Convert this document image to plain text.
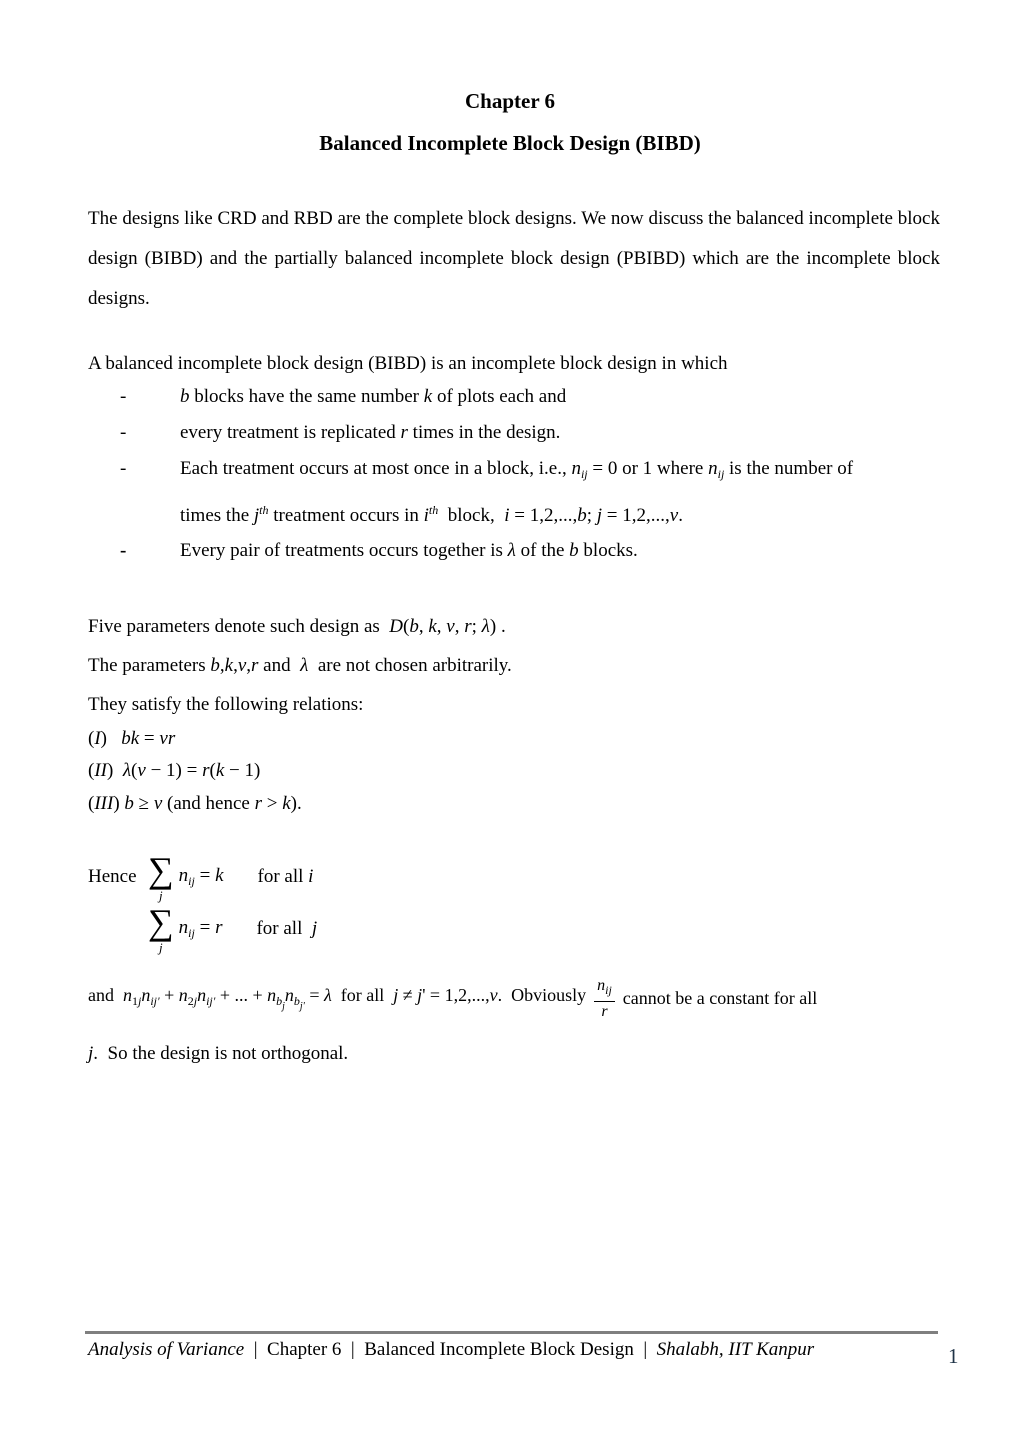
Chapter 6
Balanced Incomplete Block Design (BIBD)
The designs like CRD and RBD are the complete block designs. We now discuss the balanced incomplete block design (BIBD) and the partially balanced incomplete block design (PBIBD) which are the incomplete block designs.
A balanced incomplete block design (BIBD) is an incomplete block design in which
-	b blocks have the same number k of plots each and
-	every treatment is replicated r times in the design.
-	Each treatment occurs at most once in a block, i.e., $n_{ij} = 0$ or 1 where $n_{ij}$ is the number of
times the $j^{th}$ treatment occurs in $i^{th}$  block,  i = 1,2,...,b; j = 1,2,...,v.
-	Every pair of treatments occurs together is λ of the b blocks.
Five parameters denote such design as  D(b, k, v, r; λ) .
The parameters b,k,v,r and  λ  are not chosen arbitrarily.
They satisfy the following relations:
(I)   bk = vr
(II)  λ(v − 1) = r(k − 1)
(III) b ≥ v (and hence r > k).
Hence ∑
j
$n_{ij} = k$ for all i
∑
j
$n_{ij} = r$ for all  j
and  $n_{1j}n_{ij'} + n_{2j}n_{ij'}$ + ... + $n_{bj}n_{bj'} = \lambda$  for all  j ≠ j' = 1,2,...,v.  Obviously $\frac{n_{ij}}{r}$ cannot be a constant for all
j.  So the design is not orthogonal.
Analysis of Variance  |  Chapter 6  |  Balanced Incomplete Block Design  |  Shalabh, IIT Kanpur	1
